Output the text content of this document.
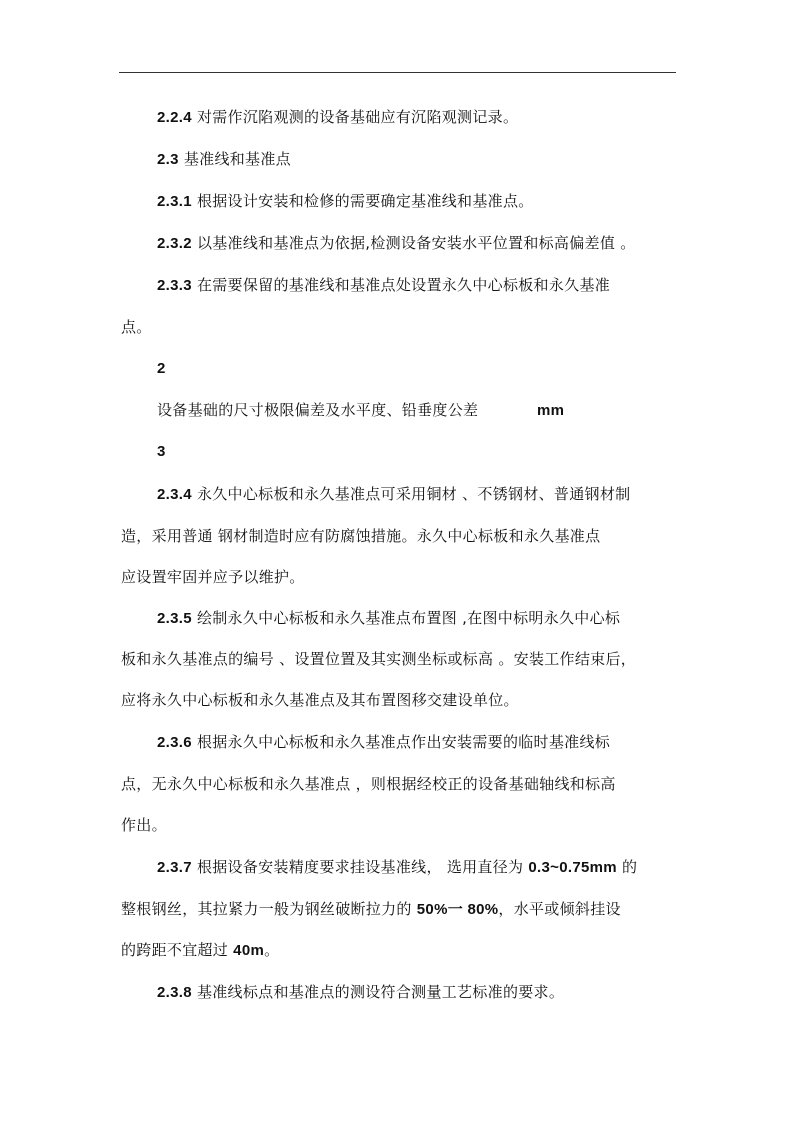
2.2.4 对需作沉陷观测的设备基础应有沉陷观测记录。
2.3 基准线和基准点
2.3.1 根据设计安装和检修的需要确定基准线和基准点。
2.3.2 以基准线和基准点为依据,检测设备安装水平位置和标高偏差值 。
2.3.3 在需要保留的基准线和基准点处设置永久中心标板和永久基准
点。
2
设备基础的尺寸极限偏差及水平度、铅垂度公差	mm
3
2.3.4 永久中心标板和永久基准点可采用铜材 、不锈钢材、普通钢材制
造，采用普通 钢材制造时应有防腐蚀措施。永久中心标板和永久基准点
应设置牢固并应予以维护。
2.3.5 绘制永久中心标板和永久基准点布置图 ,在图中标明永久中心标
板和永久基准点的编号 、设置位置及其实测坐标或标高 。安装工作结束后，
应将永久中心标板和永久基准点及其布置图移交建设单位。
2.3.6 根据永久中心标板和永久基准点作出安装需要的临时基准线标
点，无永久中心标板和永久基准点 ，则根据经校正的设备基础轴线和标高
作出。
2.3.7 根据设备安装精度要求挂设基准线， 选用直径为 0.3~0.75mm 的
整根钢丝，其拉紧力一般为钢丝破断拉力的 50%一 80%，水平或倾斜挂设
的跨距不宜超过 40m。
2.3.8 基准线标点和基准点的测设符合测量工艺标准的要求。
